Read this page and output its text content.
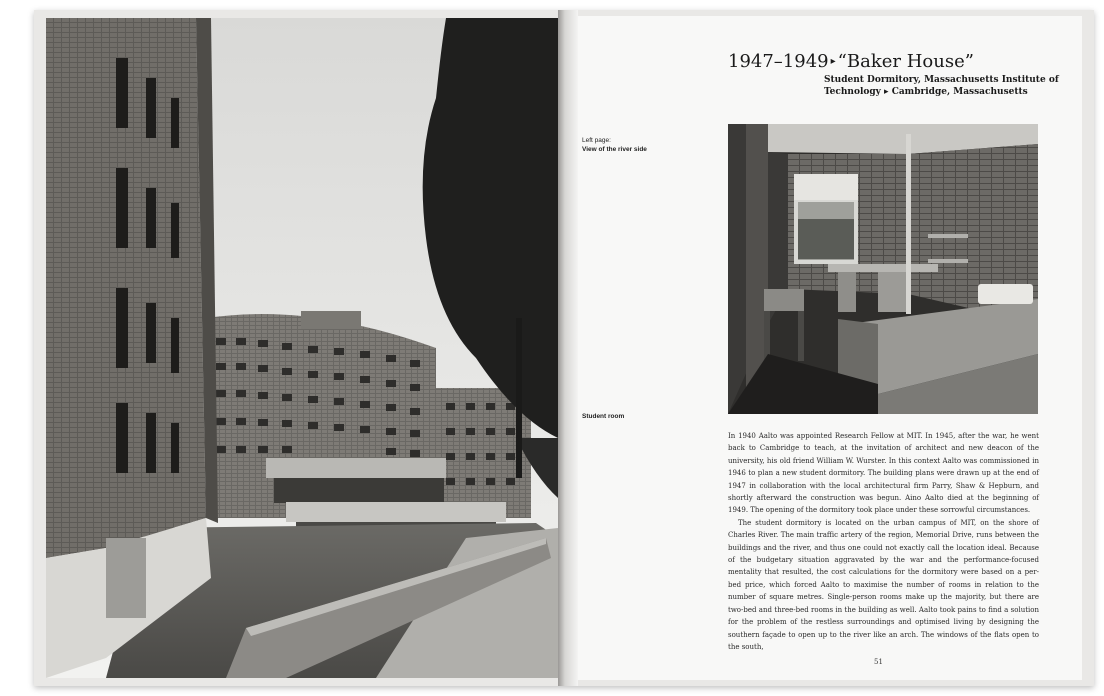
1947–1949 ▸ “Baker House”
Student Dormitory, Massachusetts Institute of
Technology ▸ Cambridge, Massachusetts
Left page:
View of the river side
Student room

In 1940 Aalto was appointed Research Fellow at MIT. In 1945, after the war, he went back to Cambridge to teach, at the invitation of architect and new deacon of the university, his old friend William W. Wurster. In this context Aalto was commissioned in 1946 to plan a new student dormitory. The building plans were drawn up at the end of 1947 in collaboration with the local architectural firm Parry, Shaw & Hepburn, and shortly afterward the construction was begun. Aino Aalto died at the beginning of 1949. The opening of the dormitory took place under these sorrowful circumstances.

The student dormitory is located on the urban campus of MIT, on the shore of Charles River. The main traffic artery of the region, Memorial Drive, runs between the buildings and the river, and thus one could not exactly call the location ideal. Because of the budgetary situation aggravated by the war and the performance-focused mentality that resulted, the cost calculations for the dormitory were based on a per-bed price, which forced Aalto to maximise the number of rooms in relation to the number of square metres. Single-person rooms make up the majority, but there are two-bed and three-bed rooms in the building as well. Aalto took pains to find a solution for the problem of the restless surroundings and optimised living by designing the southern façade to open up to the river like an arch. The windows of the flats open to the south,

51
